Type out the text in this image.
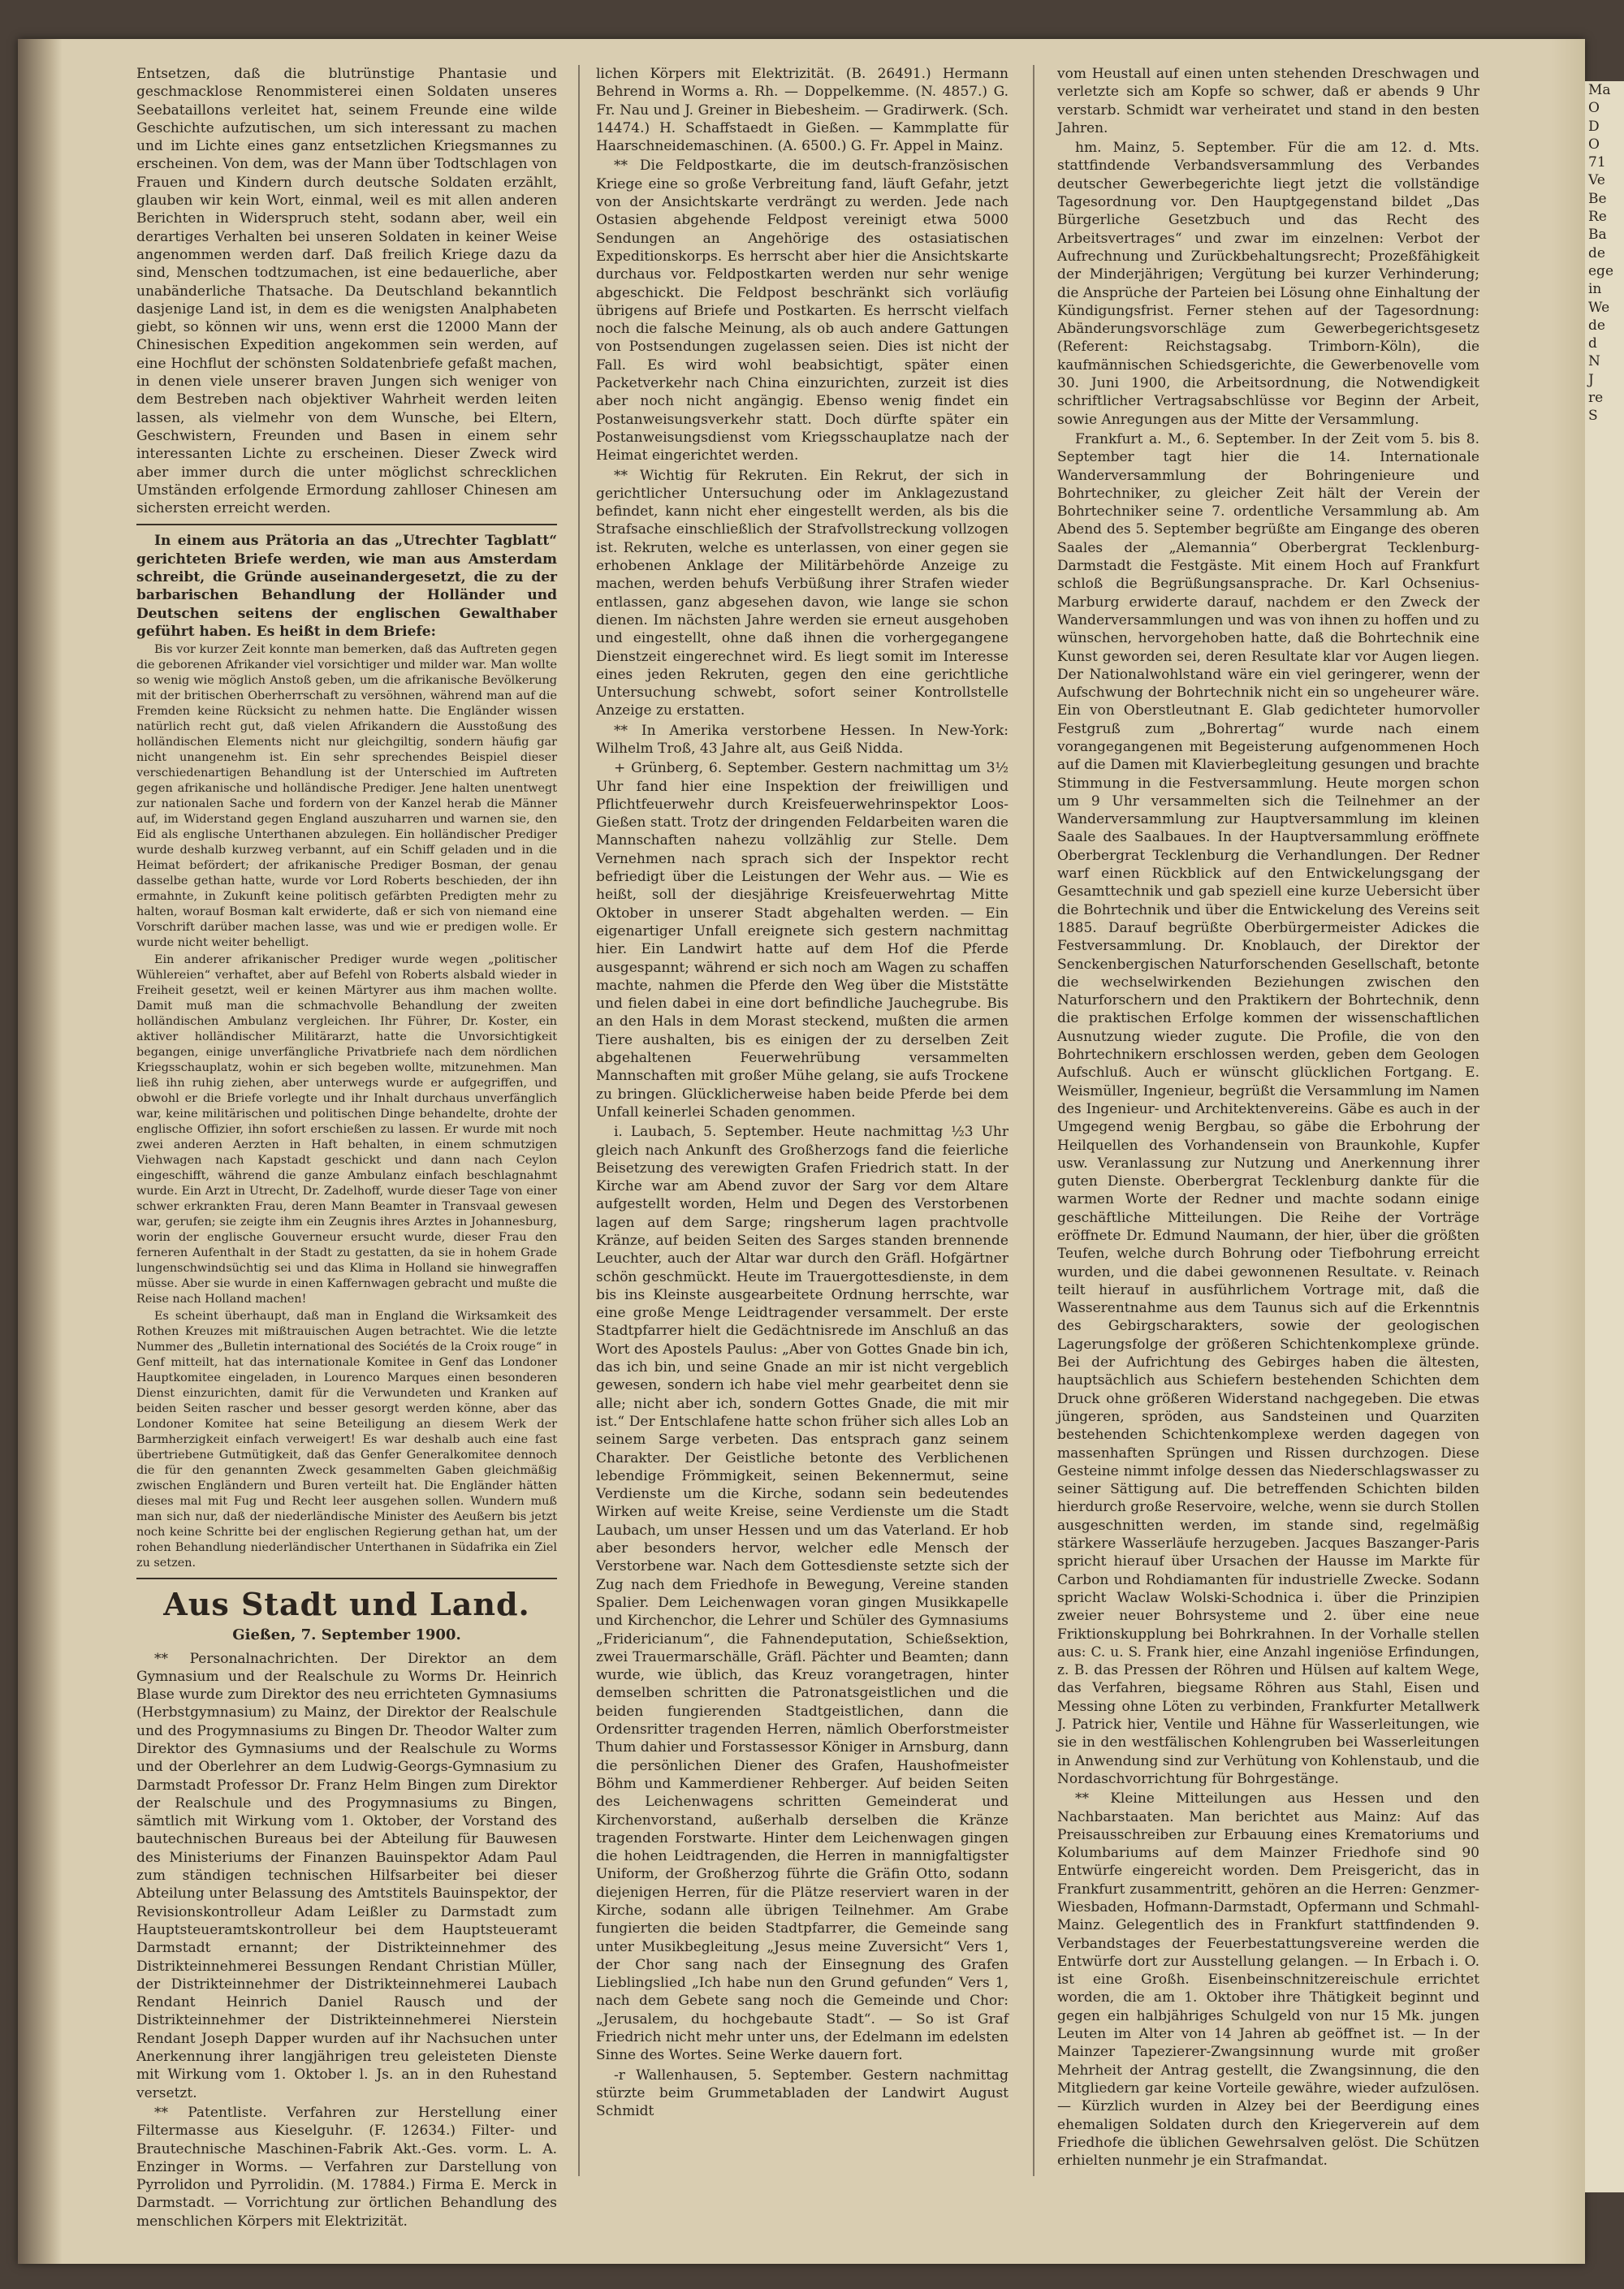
Ma
O
D
O
71
Ve
Be
Re
Ba
de
ege
in
We
de
d
N
J
re
S

Entsetzen, daß die blutrünstige Phantasie und geschmacklose Renommisterei einen Soldaten unseres Seebataillons verleitet hat, seinem Freunde eine wilde Geschichte aufzutischen, um sich interessant zu machen und im Lichte eines ganz entsetzlichen Kriegsmannes zu erscheinen. Von dem, was der Mann über Todtschlagen von Frauen und Kindern durch deutsche Soldaten erzählt, glauben wir kein Wort, einmal, weil es mit allen anderen Berichten in Widerspruch steht, sodann aber, weil ein derartiges Verhalten bei unseren Soldaten in keiner Weise angenommen werden darf. Daß freilich Kriege dazu da sind, Menschen todtzumachen, ist eine bedauerliche, aber unabänderliche Thatsache. Da Deutschland bekanntlich dasjenige Land ist, in dem es die wenigsten Analphabeten giebt, so können wir uns, wenn erst die 12000 Mann der Chinesischen Expedition angekommen sein werden, auf eine Hochflut der schönsten Soldatenbriefe gefaßt machen, in denen viele unserer braven Jungen sich weniger von dem Bestreben nach objektiver Wahrheit werden leiten lassen, als vielmehr von dem Wunsche, bei Eltern, Geschwistern, Freunden und Basen in einem sehr interessanten Lichte zu erscheinen. Dieser Zweck wird aber immer durch die unter möglichst schrecklichen Umständen erfolgende Ermordung zahlloser Chinesen am sichersten erreicht werden.

In einem aus Prätoria an das „Utrechter Tagblatt“ gerichteten Briefe werden, wie man aus Amsterdam schreibt, die Gründe auseinandergesetzt, die zu der barbarischen Behandlung der Holländer und Deutschen seitens der englischen Gewalthaber geführt haben. Es heißt in dem Briefe:

Bis vor kurzer Zeit konnte man bemerken, daß das Auftreten gegen die geborenen Afrikander viel vorsichtiger und milder war. Man wollte so wenig wie möglich Anstoß geben, um die afrikanische Bevölkerung mit der britischen Oberherrschaft zu versöhnen, während man auf die Fremden keine Rücksicht zu nehmen hatte. Die Engländer wissen natürlich recht gut, daß vielen Afrikandern die Ausstoßung des holländischen Elements nicht nur gleichgiltig, sondern häufig gar nicht unangenehm ist. Ein sehr sprechendes Beispiel dieser verschiedenartigen Behandlung ist der Unterschied im Auftreten gegen afrikanische und holländische Prediger. Jene halten unentwegt zur nationalen Sache und fordern von der Kanzel herab die Männer auf, im Widerstand gegen England auszuharren und warnen sie, den Eid als englische Unterthanen abzulegen. Ein holländischer Prediger wurde deshalb kurzweg verbannt, auf ein Schiff geladen und in die Heimat befördert; der afrikanische Prediger Bosman, der genau dasselbe gethan hatte, wurde vor Lord Roberts beschieden, der ihn ermahnte, in Zukunft keine politisch gefärbten Predigten mehr zu halten, worauf Bosman kalt erwiderte, daß er sich von niemand eine Vorschrift darüber machen lasse, was und wie er predigen wolle. Er wurde nicht weiter behelligt.

Ein anderer afrikanischer Prediger wurde wegen „politischer Wühlereien“ verhaftet, aber auf Befehl von Roberts alsbald wieder in Freiheit gesetzt, weil er keinen Märtyrer aus ihm machen wollte. Damit muß man die schmachvolle Behandlung der zweiten holländischen Ambulanz vergleichen. Ihr Führer, Dr. Koster, ein aktiver holländischer Militärarzt, hatte die Unvorsichtigkeit begangen, einige unverfängliche Privatbriefe nach dem nördlichen Kriegsschauplatz, wohin er sich begeben wollte, mitzunehmen. Man ließ ihn ruhig ziehen, aber unterwegs wurde er aufgegriffen, und obwohl er die Briefe vorlegte und ihr Inhalt durchaus unverfänglich war, keine militärischen und politischen Dinge behandelte, drohte der englische Offizier, ihn sofort erschießen zu lassen. Er wurde mit noch zwei anderen Aerzten in Haft behalten, in einem schmutzigen Viehwagen nach Kapstadt geschickt und dann nach Ceylon eingeschifft, während die ganze Ambulanz einfach beschlagnahmt wurde. Ein Arzt in Utrecht, Dr. Zadelhoff, wurde dieser Tage von einer schwer erkrankten Frau, deren Mann Beamter in Transvaal gewesen war, gerufen; sie zeigte ihm ein Zeugnis ihres Arztes in Johannesburg, worin der englische Gouverneur ersucht wurde, dieser Frau den ferneren Aufenthalt in der Stadt zu gestatten, da sie in hohem Grade lungenschwindsüchtig sei und das Klima in Holland sie hinwegraffen müsse. Aber sie wurde in einen Kaffernwagen gebracht und mußte die Reise nach Holland machen!

Es scheint überhaupt, daß man in England die Wirksamkeit des Rothen Kreuzes mit mißtrauischen Augen betrachtet. Wie die letzte Nummer des „Bulletin international des Sociétés de la Croix rouge“ in Genf mitteilt, hat das internationale Komitee in Genf das Londoner Hauptkomitee eingeladen, in Lourenco Marques einen besonderen Dienst einzurichten, damit für die Verwundeten und Kranken auf beiden Seiten rascher und besser gesorgt werden könne, aber das Londoner Komitee hat seine Beteiligung an diesem Werk der Barmherzigkeit einfach verweigert! Es war deshalb auch eine fast übertriebene Gutmütigkeit, daß das Genfer Generalkomitee dennoch die für den genannten Zweck gesammelten Gaben gleichmäßig zwischen Engländern und Buren verteilt hat. Die Engländer hätten dieses mal mit Fug und Recht leer ausgehen sollen. Wundern muß man sich nur, daß der niederländische Minister des Aeußern bis jetzt noch keine Schritte bei der englischen Regierung gethan hat, um der rohen Behandlung niederländischer Unterthanen in Südafrika ein Ziel zu setzen.

Aus Stadt und Land.
Gießen, 7. September 1900.

** Personalnachrichten. Der Direktor an dem Gymnasium und der Realschule zu Worms Dr. Heinrich Blase wurde zum Direktor des neu errichteten Gymnasiums (Herbstgymnasium) zu Mainz, der Direktor der Realschule und des Progymnasiums zu Bingen Dr. Theodor Walter zum Direktor des Gymnasiums und der Realschule zu Worms und der Oberlehrer an dem Ludwig-Georgs-Gymnasium zu Darmstadt Professor Dr. Franz Helm Bingen zum Direktor der Realschule und des Progymnasiums zu Bingen, sämtlich mit Wirkung vom 1. Oktober, der Vorstand des bautechnischen Bureaus bei der Abteilung für Bauwesen des Ministeriums der Finanzen Bauinspektor Adam Paul zum ständigen technischen Hilfsarbeiter bei dieser Abteilung unter Belassung des Amtstitels Bauinspektor, der Revisionskontrolleur Adam Leißler zu Darmstadt zum Hauptsteueramtskontrolleur bei dem Hauptsteueramt Darmstadt ernannt; der Distrikteinnehmer des Distrikteinnehmerei Bessungen Rendant Christian Müller, der Distrikteinnehmer der Distrikteinnehmerei Laubach Rendant Heinrich Daniel Rausch und der Distrikteinnehmer der Distrikteinnehmerei Nierstein Rendant Joseph Dapper wurden auf ihr Nachsuchen unter Anerkennung ihrer langjährigen treu geleisteten Dienste mit Wirkung vom 1. Oktober l. Js. an in den Ruhestand versetzt.

** Patentliste. Verfahren zur Herstellung einer Filtermasse aus Kieselguhr. (F. 12634.) Filter- und Brautechnische Maschinen-Fabrik Akt.-Ges. vorm. L. A. Enzinger in Worms. — Verfahren zur Darstellung von Pyrrolidon und Pyrrolidin. (M. 17884.) Firma E. Merck in Darmstadt. — Vorrichtung zur örtlichen Behandlung des menschlichen Körpers mit Elektrizität.

lichen Körpers mit Elektrizität. (B. 26491.) Hermann Behrend in Worms a. Rh. — Doppelkemme. (N. 4857.) G. Fr. Nau und J. Greiner in Biebesheim. — Gradirwerk. (Sch. 14474.) H. Schaffstaedt in Gießen. — Kammplatte für Haarschneidemaschinen. (A. 6500.) G. Fr. Appel in Mainz.

** Die Feldpostkarte, die im deutsch-französischen Kriege eine so große Verbreitung fand, läuft Gefahr, jetzt von der Ansichtskarte verdrängt zu werden. Jede nach Ostasien abgehende Feldpost vereinigt etwa 5000 Sendungen an Angehörige des ostasiatischen Expeditionskorps. Es herrscht aber hier die Ansichtskarte durchaus vor. Feldpostkarten werden nur sehr wenige abgeschickt. Die Feldpost beschränkt sich vorläufig übrigens auf Briefe und Postkarten. Es herrscht vielfach noch die falsche Meinung, als ob auch andere Gattungen von Postsendungen zugelassen seien. Dies ist nicht der Fall. Es wird wohl beabsichtigt, später einen Packetverkehr nach China einzurichten, zurzeit ist dies aber noch nicht angängig. Ebenso wenig findet ein Postanweisungsverkehr statt. Doch dürfte später ein Postanweisungsdienst vom Kriegsschauplatze nach der Heimat eingerichtet werden.

** Wichtig für Rekruten. Ein Rekrut, der sich in gerichtlicher Untersuchung oder im Anklagezustand befindet, kann nicht eher eingestellt werden, als bis die Strafsache einschließlich der Strafvollstreckung vollzogen ist. Rekruten, welche es unterlassen, von einer gegen sie erhobenen Anklage der Militärbehörde Anzeige zu machen, werden behufs Verbüßung ihrer Strafen wieder entlassen, ganz abgesehen davon, wie lange sie schon dienen. Im nächsten Jahre werden sie erneut ausgehoben und eingestellt, ohne daß ihnen die vorhergegangene Dienstzeit eingerechnet wird. Es liegt somit im Interesse eines jeden Rekruten, gegen den eine gerichtliche Untersuchung schwebt, sofort seiner Kontrollstelle Anzeige zu erstatten.

** In Amerika verstorbene Hessen. In New-York: Wilhelm Troß, 43 Jahre alt, aus Geiß Nidda.

+ Grünberg, 6. September. Gestern nachmittag um 3½ Uhr fand hier eine Inspektion der freiwilligen und Pflichtfeuerwehr durch Kreisfeuerwehrinspektor Loos-Gießen statt. Trotz der dringenden Feldarbeiten waren die Mannschaften nahezu vollzählig zur Stelle. Dem Vernehmen nach sprach sich der Inspektor recht befriedigt über die Leistungen der Wehr aus. — Wie es heißt, soll der diesjährige Kreisfeuerwehrtag Mitte Oktober in unserer Stadt abgehalten werden. — Ein eigenartiger Unfall ereignete sich gestern nachmittag hier. Ein Landwirt hatte auf dem Hof die Pferde ausgespannt; während er sich noch am Wagen zu schaffen machte, nahmen die Pferde den Weg über die Miststätte und fielen dabei in eine dort befindliche Jauchegrube. Bis an den Hals in dem Morast steckend, mußten die armen Tiere aushalten, bis es einigen der zu derselben Zeit abgehaltenen Feuerwehrübung versammelten Mannschaften mit großer Mühe gelang, sie aufs Trockene zu bringen. Glücklicherweise haben beide Pferde bei dem Unfall keinerlei Schaden genommen.

i. Laubach, 5. September. Heute nachmittag ½3 Uhr gleich nach Ankunft des Großherzogs fand die feierliche Beisetzung des verewigten Grafen Friedrich statt. In der Kirche war am Abend zuvor der Sarg vor dem Altare aufgestellt worden, Helm und Degen des Verstorbenen lagen auf dem Sarge; ringsherum lagen prachtvolle Kränze, auf beiden Seiten des Sarges standen brennende Leuchter, auch der Altar war durch den Gräfl. Hofgärtner schön geschmückt. Heute im Trauergottesdienste, in dem bis ins Kleinste ausgearbeitete Ordnung herrschte, war eine große Menge Leidtragender versammelt. Der erste Stadtpfarrer hielt die Gedächtnisrede im Anschluß an das Wort des Apostels Paulus: „Aber von Gottes Gnade bin ich, das ich bin, und seine Gnade an mir ist nicht vergeblich gewesen, sondern ich habe viel mehr gearbeitet denn sie alle; nicht aber ich, sondern Gottes Gnade, die mit mir ist.“ Der Entschlafene hatte schon früher sich alles Lob an seinem Sarge verbeten. Das entsprach ganz seinem Charakter. Der Geistliche betonte des Verblichenen lebendige Frömmigkeit, seinen Bekennermut, seine Verdienste um die Kirche, sodann sein bedeutendes Wirken auf weite Kreise, seine Verdienste um die Stadt Laubach, um unser Hessen und um das Vaterland. Er hob aber besonders hervor, welcher edle Mensch der Verstorbene war. Nach dem Gottesdienste setzte sich der Zug nach dem Friedhofe in Bewegung, Vereine standen Spalier. Dem Leichenwagen voran gingen Musikkapelle und Kirchenchor, die Lehrer und Schüler des Gymnasiums „Fridericianum“, die Fahnendeputation, Schießsektion, zwei Trauermarschälle, Gräfl. Pächter und Beamten; dann wurde, wie üblich, das Kreuz vorangetragen, hinter demselben schritten die Patronatsgeistlichen und die beiden fungierenden Stadtgeistlichen, dann die Ordensritter tragenden Herren, nämlich Oberforstmeister Thum dahier und Forstassessor Königer in Arnsburg, dann die persönlichen Diener des Grafen, Haushofmeister Böhm und Kammerdiener Rehberger. Auf beiden Seiten des Leichenwagens schritten Gemeinderat und Kirchenvorstand, außerhalb derselben die Kränze tragenden Forstwarte. Hinter dem Leichenwagen gingen die hohen Leidtragenden, die Herren in mannigfaltigster Uniform, der Großherzog führte die Gräfin Otto, sodann diejenigen Herren, für die Plätze reserviert waren in der Kirche, sodann alle übrigen Teilnehmer. Am Grabe fungierten die beiden Stadtpfarrer, die Gemeinde sang unter Musikbegleitung „Jesus meine Zuversicht“ Vers 1, der Chor sang nach der Einsegnung des Grafen Lieblingslied „Ich habe nun den Grund gefunden“ Vers 1, nach dem Gebete sang noch die Gemeinde und Chor: „Jerusalem, du hochgebaute Stadt“. — So ist Graf Friedrich nicht mehr unter uns, der Edelmann im edelsten Sinne des Wortes. Seine Werke dauern fort.

-r Wallenhausen, 5. September. Gestern nachmittag stürzte beim Grummetabladen der Landwirt August Schmidt

vom Heustall auf einen unten stehenden Dreschwagen und verletzte sich am Kopfe so schwer, daß er abends 9 Uhr verstarb. Schmidt war verheiratet und stand in den besten Jahren.

hm. Mainz, 5. September. Für die am 12. d. Mts. stattfindende Verbandsversammlung des Verbandes deutscher Gewerbegerichte liegt jetzt die vollständige Tagesordnung vor. Den Hauptgegenstand bildet „Das Bürgerliche Gesetzbuch und das Recht des Arbeitsvertrages“ und zwar im einzelnen: Verbot der Aufrechnung und Zurückbehaltungsrecht; Prozeßfähigkeit der Minderjährigen; Vergütung bei kurzer Verhinderung; die Ansprüche der Parteien bei Lösung ohne Einhaltung der Kündigungsfrist. Ferner stehen auf der Tagesordnung: Abänderungsvorschläge zum Gewerbegerichtsgesetz (Referent: Reichstagsabg. Trimborn-Köln), die kaufmännischen Schiedsgerichte, die Gewerbenovelle vom 30. Juni 1900, die Arbeitsordnung, die Notwendigkeit schriftlicher Vertragsabschlüsse vor Beginn der Arbeit, sowie Anregungen aus der Mitte der Versammlung.

Frankfurt a. M., 6. September. In der Zeit vom 5. bis 8. September tagt hier die 14. Internationale Wanderversammlung der Bohringenieure und Bohrtechniker, zu gleicher Zeit hält der Verein der Bohrtechniker seine 7. ordentliche Versammlung ab. Am Abend des 5. September begrüßte am Eingange des oberen Saales der „Alemannia“ Oberbergrat Tecklenburg-Darmstadt die Festgäste. Mit einem Hoch auf Frankfurt schloß die Begrüßungsansprache. Dr. Karl Ochsenius-Marburg erwiderte darauf, nachdem er den Zweck der Wanderversammlungen und was von ihnen zu hoffen und zu wünschen, hervorgehoben hatte, daß die Bohrtechnik eine Kunst geworden sei, deren Resultate klar vor Augen liegen. Der Nationalwohlstand wäre ein viel geringerer, wenn der Aufschwung der Bohrtechnik nicht ein so ungeheurer wäre. Ein von Oberstleutnant E. Glab gedichteter humorvoller Festgruß zum „Bohrertag“ wurde nach einem vorangegangenen mit Begeisterung aufgenommenen Hoch auf die Damen mit Klavierbegleitung gesungen und brachte Stimmung in die Festversammlung. Heute morgen schon um 9 Uhr versammelten sich die Teilnehmer an der Wanderversammlung zur Hauptversammlung im kleinen Saale des Saalbaues. In der Hauptversammlung eröffnete Oberbergrat Tecklenburg die Verhandlungen. Der Redner warf einen Rückblick auf den Entwickelungsgang der Gesamttechnik und gab speziell eine kurze Uebersicht über die Bohrtechnik und über die Entwickelung des Vereins seit 1885. Darauf begrüßte Oberbürgermeister Adickes die Festversammlung. Dr. Knoblauch, der Direktor der Senckenbergischen Naturforschenden Gesellschaft, betonte die wechselwirkenden Beziehungen zwischen den Naturforschern und den Praktikern der Bohrtechnik, denn die praktischen Erfolge kommen der wissenschaftlichen Ausnutzung wieder zugute. Die Profile, die von den Bohrtechnikern erschlossen werden, geben dem Geologen Aufschluß. Auch er wünscht glücklichen Fortgang. E. Weismüller, Ingenieur, begrüßt die Versammlung im Namen des Ingenieur- und Architektenvereins. Gäbe es auch in der Umgegend wenig Bergbau, so gäbe die Erbohrung der Heilquellen des Vorhandensein von Braunkohle, Kupfer usw. Veranlassung zur Nutzung und Anerkennung ihrer guten Dienste. Oberbergrat Tecklenburg dankte für die warmen Worte der Redner und machte sodann einige geschäftliche Mitteilungen. Die Reihe der Vorträge eröffnete Dr. Edmund Naumann, der hier, über die größten Teufen, welche durch Bohrung oder Tiefbohrung erreicht wurden, und die dabei gewonnenen Resultate. v. Reinach teilt hierauf in ausführlichem Vortrage mit, daß die Wasserentnahme aus dem Taunus sich auf die Erkenntnis des Gebirgscharakters, sowie der geologischen Lagerungsfolge der größeren Schichtenkomplexe gründe. Bei der Aufrichtung des Gebirges haben die ältesten, hauptsächlich aus Schiefern bestehenden Schichten dem Druck ohne größeren Widerstand nachgegeben. Die etwas jüngeren, spröden, aus Sandsteinen und Quarziten bestehenden Schichtenkomplexe werden dagegen von massenhaften Sprüngen und Rissen durchzogen. Diese Gesteine nimmt infolge dessen das Niederschlagswasser zu seiner Sättigung auf. Die betreffenden Schichten bilden hierdurch große Reservoire, welche, wenn sie durch Stollen ausgeschnitten werden, im stande sind, regelmäßig stärkere Wasserläufe herzugeben. Jacques Baszanger-Paris spricht hierauf über Ursachen der Hausse im Markte für Carbon und Rohdiamanten für industrielle Zwecke. Sodann spricht Waclaw Wolski-Schodnica i. über die Prinzipien zweier neuer Bohrsysteme und 2. über eine neue Friktionskupplung bei Bohrkrahnen. In der Vorhalle stellen aus: C. u. S. Frank hier, eine Anzahl ingeniöse Erfindungen, z. B. das Pressen der Röhren und Hülsen auf kaltem Wege, das Verfahren, biegsame Röhren aus Stahl, Eisen und Messing ohne Löten zu verbinden, Frankfurter Metallwerk J. Patrick hier, Ventile und Hähne für Wasserleitungen, wie sie in den westfälischen Kohlengruben bei Wasserleitungen in Anwendung sind zur Verhütung von Kohlenstaub, und die Nordaschvorrichtung für Bohrgestänge.

** Kleine Mitteilungen aus Hessen und den Nachbarstaaten. Man berichtet aus Mainz: Auf das Preisausschreiben zur Erbauung eines Krematoriums und Kolumbariums auf dem Mainzer Friedhofe sind 90 Entwürfe eingereicht worden. Dem Preisgericht, das in Frankfurt zusammentritt, gehören an die Herren: Genzmer-Wiesbaden, Hofmann-Darmstadt, Opfermann und Schmahl-Mainz. Gelegentlich des in Frankfurt stattfindenden 9. Verbandstages der Feuerbestattungsvereine werden die Entwürfe dort zur Ausstellung gelangen. — In Erbach i. O. ist eine Großh. Eisenbeinschnitzereischule errichtet worden, die am 1. Oktober ihre Thätigkeit beginnt und gegen ein halbjähriges Schulgeld von nur 15 Mk. jungen Leuten im Alter von 14 Jahren ab geöffnet ist. — In der Mainzer Tapezierer-Zwangsinnung wurde mit großer Mehrheit der Antrag gestellt, die Zwangsinnung, die den Mitgliedern gar keine Vorteile gewähre, wieder aufzulösen. — Kürzlich wurden in Alzey bei der Beerdigung eines ehemaligen Soldaten durch den Kriegerverein auf dem Friedhofe die üblichen Gewehrsalven gelöst. Die Schützen erhielten nunmehr je ein Strafmandat.
